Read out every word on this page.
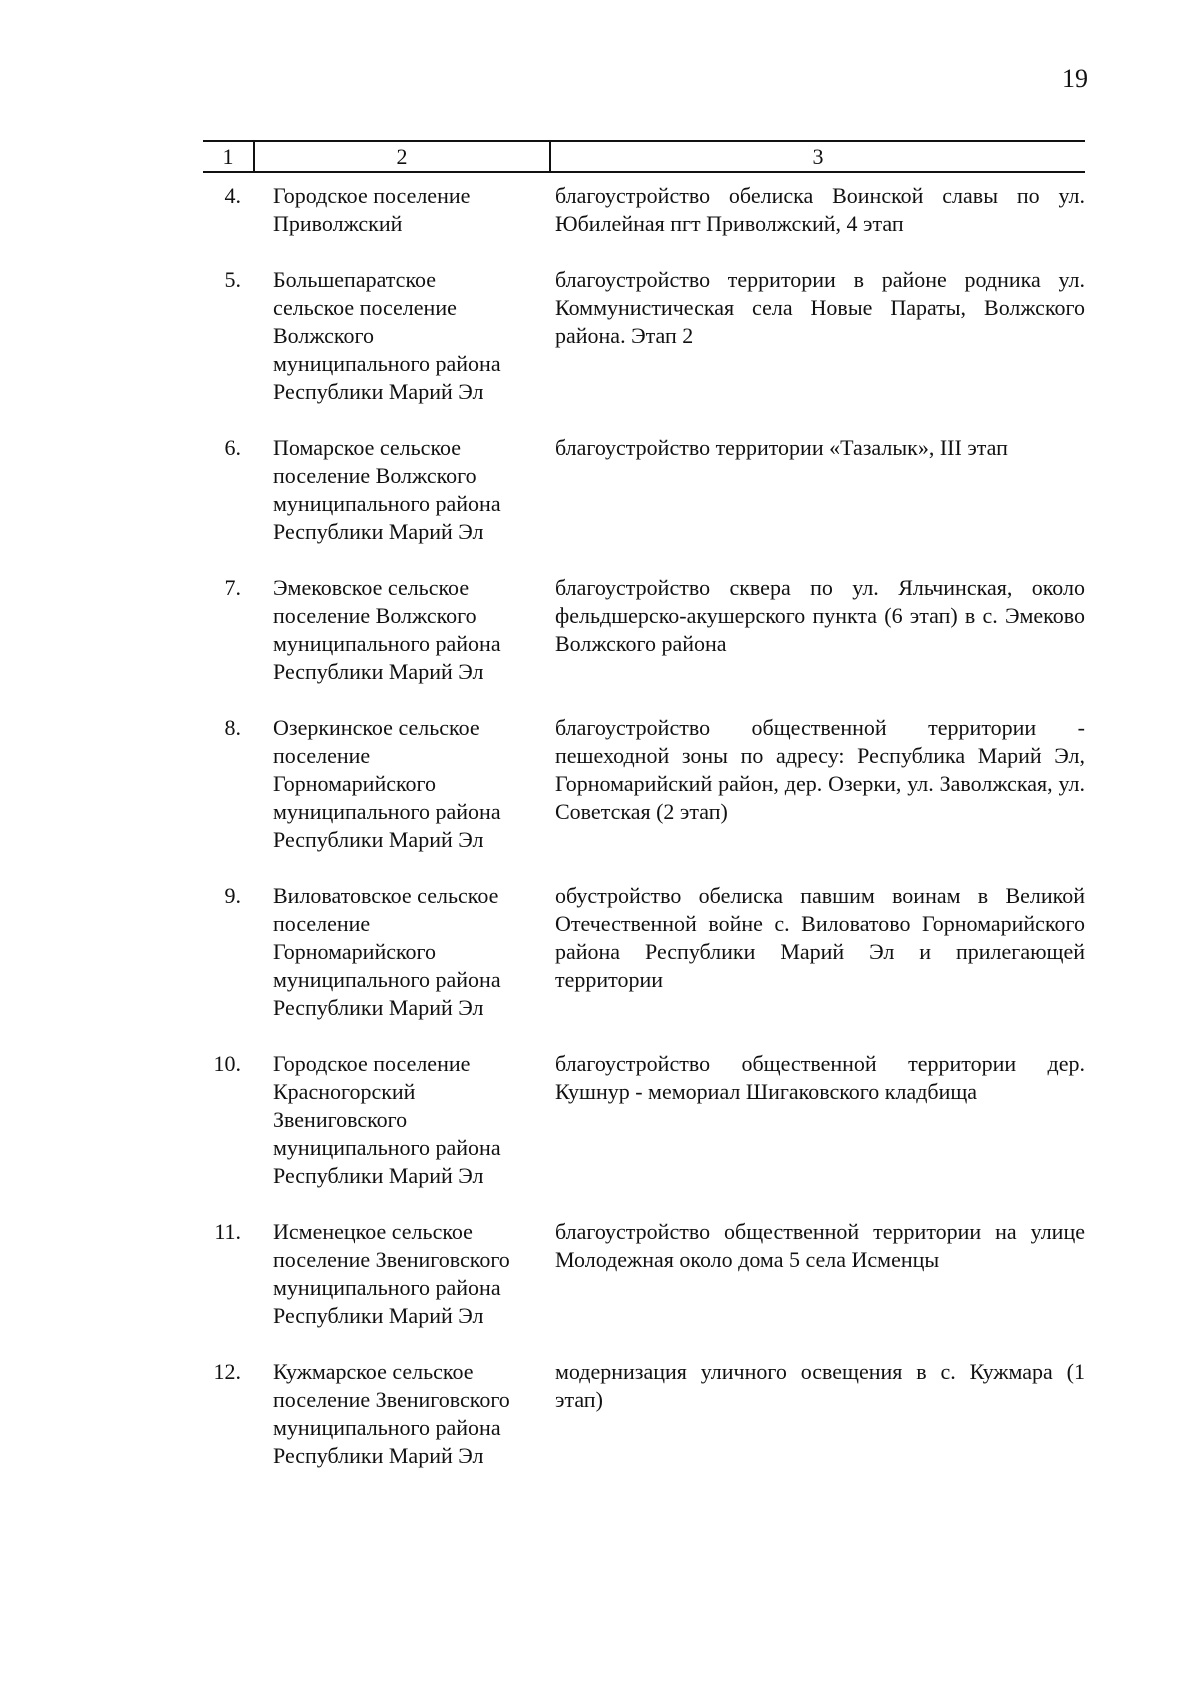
19
1	2	3
4. Городское поселение
Приволжский
благоустройство обелиска Воинской славы по ул. Юбилейная пгт Приволжский, 4 этап
5. Большепаратское
сельское поселение
Волжского
муниципального района
Республики Марий Эл
благоустройство территории в районе родника ул. Коммунистическая села Новые Параты, Волжского района. Этап 2
6. Помарское сельское
поселение Волжского
муниципального района
Республики Марий Эл
благоустройство территории «Тазалык», III этап
7. Эмековское сельское
поселение Волжского
муниципального района
Республики Марий Эл
благоустройство сквера по ул. Яльчинская, около фельдшерско-акушерского пункта (6 этап) в с. Эмеково Волжского района
8. Озеркинское сельское
поселение
Горномарийского
муниципального района
Республики Марий Эл
благоустройство общественной территории - пешеходной зоны по адресу: Республика Марий Эл, Горномарийский район, дер. Озерки, ул. Заволжская, ул. Советская (2 этап)
9. Виловатовское сельское
поселение
Горномарийского
муниципального района
Республики Марий Эл
обустройство обелиска павшим воинам в Великой Отечественной войне с. Виловатово Горномарийского района Республики Марий Эл и прилегающей территории
10. Городское поселение
Красногорский
Звениговского
муниципального района
Республики Марий Эл
благоустройство общественной территории дер. Кушнур - мемориал Шигаковского кладбища
11. Исменецкое сельское
поселение Звениговского
муниципального района
Республики Марий Эл
благоустройство общественной территории на улице Молодежная около дома 5 села Исменцы
12. Кужмарское сельское
поселение Звениговского
муниципального района
Республики Марий Эл
модернизация уличного освещения в с. Кужмара (1 этап)
